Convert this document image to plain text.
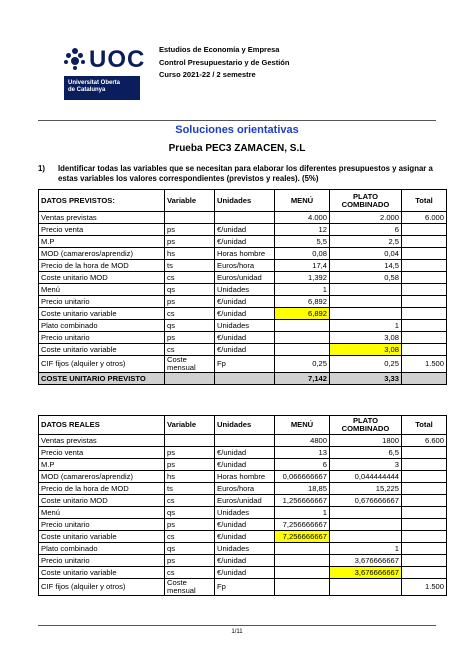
UOC
Universitat Oberta
de Catalunya
Estudios de Economía y Empresa
Control Presupuestario y de Gestión
Curso 2021-22 / 2 semestre
Soluciones orientativas
Prueba PEC3 ZAMACEN, S.L
1) Identificar todas las variables que se necesitan para elaborar los diferentes presupuestos y asignar a estas variables los valores correspondientes (previstos y reales). (5%)
DATOS PREVISTOS:	Variable	Unidades	MENÚ	PLATO COMBINADO	Total
Ventas previstas			4.000	2.000	6.000
Precio venta	ps	€/unidad	12	6	
M.P	ps	€/unidad	5,5	2,5	
MOD (camareros/aprendiz)	hs	Horas hombre	0,08	0,04	
Precio de la hora de MOD	ts	Euros/hora	17,4	14,5	
Coste unitario MOD	cs	Euros/unidad	1,392	0,58	
Menú	qs	Unidades	1		
Precio unitario	ps	€/unidad	6,892		
Coste unitario variable	cs	€/unidad	6,892		
Plato combinado	qs	Unidades		1	
Precio unitario	ps	€/unidad		3,08	
Coste unitario variable	cs	€/unidad		3,08	
CIF fijos (alquiler y otros)	Coste mensual	Fp	0,25	0,25	1.500
COSTE UNITARIO PREVISTO			7,142	3,33	
DATOS REALES	Variable	Unidades	MENÚ	PLATO COMBINADO	Total
Ventas previstas			4800	1800	6.600
Precio venta	ps	€/unidad	13	6,5	
M.P	ps	€/unidad	6	3	
MOD (camareros/aprendiz)	hs	Horas hombre	0,066666667	0,044444444	
Precio de la hora de MOD	ts	Euros/hora	18,85	15,225	
Coste unitario MOD	cs	Euros/unidad	1,256666667	0,676666667	
Menú	qs	Unidades	1		
Precio unitario	ps	€/unidad	7,256666667		
Coste unitario variable	cs	€/unidad	7,256666667		
Plato combinado	qs	Unidades		1	
Precio unitario	ps	€/unidad		3,676666667	
Coste unitario variable	cs	€/unidad		3,676666667	
CIF fijos (alquiler y otros)	Coste mensual	Fp			1.500
1/11
